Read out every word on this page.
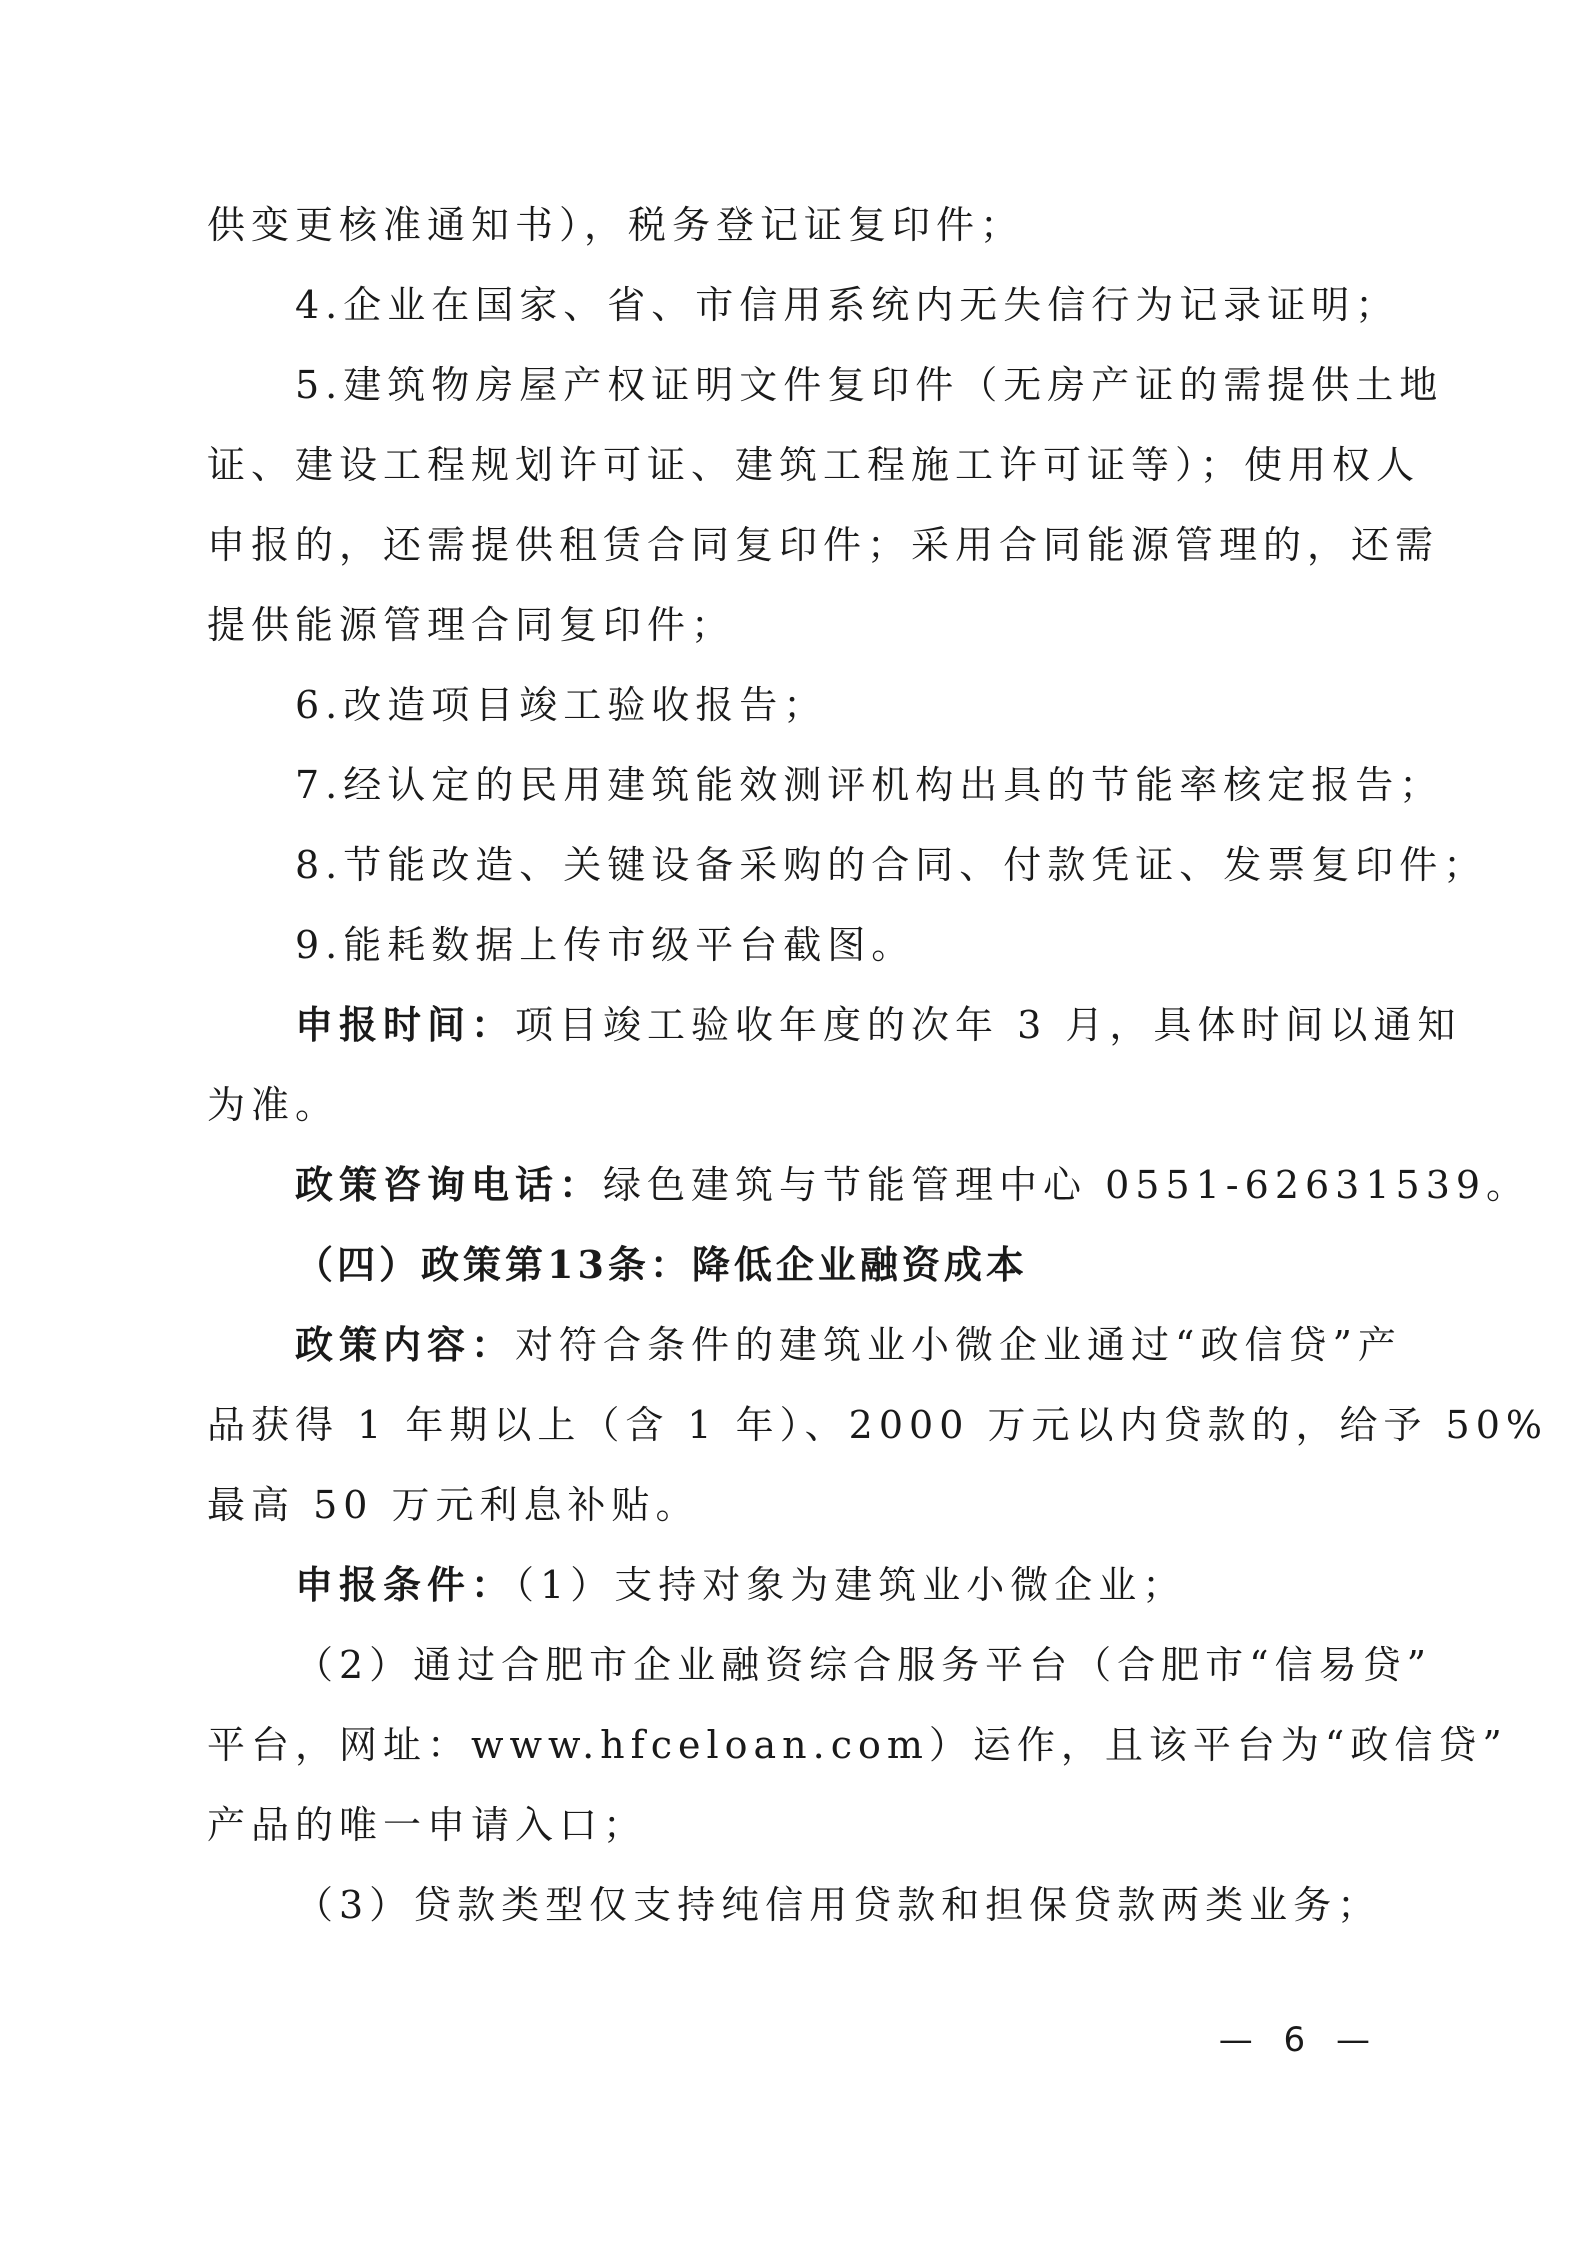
供变更核准通知书），税务登记证复印件；
4.企业在国家、省、市信用系统内无失信行为记录证明；
5.建筑物房屋产权证明文件复印件（无房产证的需提供土地
证、建设工程规划许可证、建筑工程施工许可证等）；使用权人
申报的，还需提供租赁合同复印件；采用合同能源管理的，还需
提供能源管理合同复印件；
6.改造项目竣工验收报告；
7.经认定的民用建筑能效测评机构出具的节能率核定报告；
8.节能改造、关键设备采购的合同、付款凭证、发票复印件；
9.能耗数据上传市级平台截图。
申报时间：项目竣工验收年度的次年 3 月，具体时间以通知
为准。
政策咨询电话：绿色建筑与节能管理中心 0551-62631539。
（四）政策第13条：降低企业融资成本
政策内容：对符合条件的建筑业小微企业通过“政信贷”产
品获得 1 年期以上（含 1 年）、2000 万元以内贷款的，给予 50%
最高 50 万元利息补贴。
申报条件：（1）支持对象为建筑业小微企业；
（2）通过合肥市企业融资综合服务平台（合肥市“信易贷”
平台，网址：www.hfceloan.com）运作，且该平台为“政信贷”
产品的唯一申请入口；
（3）贷款类型仅支持纯信用贷款和担保贷款两类业务；
— 6 —
